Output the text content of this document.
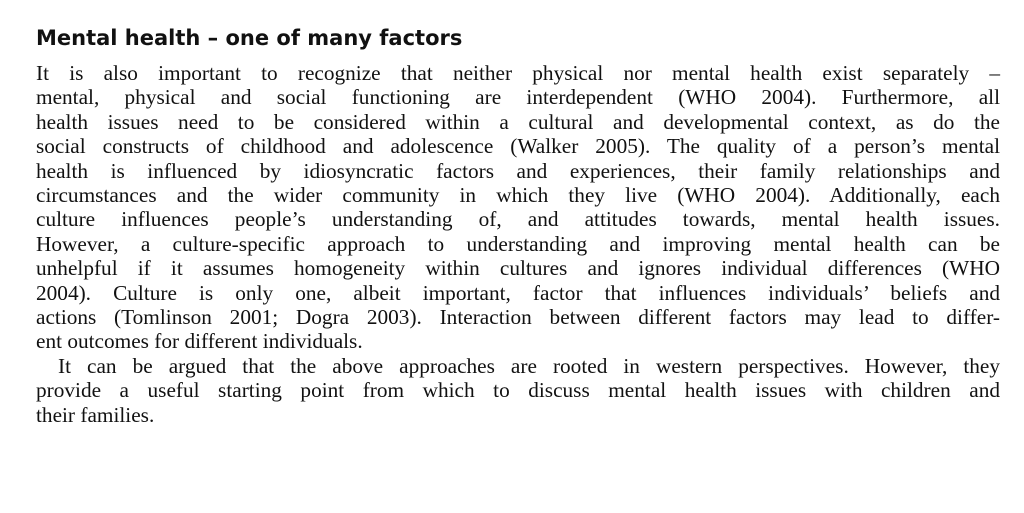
Mental health – one of many factors

It is also important to recognize that neither physical nor mental health exist separately –
mental, physical and social functioning are interdependent (WHO 2004). Furthermore, all
health issues need to be considered within a cultural and developmental context, as do the
social constructs of childhood and adolescence (Walker 2005). The quality of a person’s mental
health is influenced by idiosyncratic factors and experiences, their family relationships and
circumstances and the wider community in which they live (WHO 2004). Additionally, each
culture influences people’s understanding of, and attitudes towards, mental health issues.
However, a culture-specific approach to understanding and improving mental health can be
unhelpful if it assumes homogeneity within cultures and ignores individual differences (WHO
2004). Culture is only one, albeit important, factor that influences individuals’ beliefs and
actions (Tomlinson 2001; Dogra 2003). Interaction between different factors may lead to differ-
ent outcomes for different individuals.

It can be argued that the above approaches are rooted in western perspectives. However, they
provide a useful starting point from which to discuss mental health issues with children and
their families.
